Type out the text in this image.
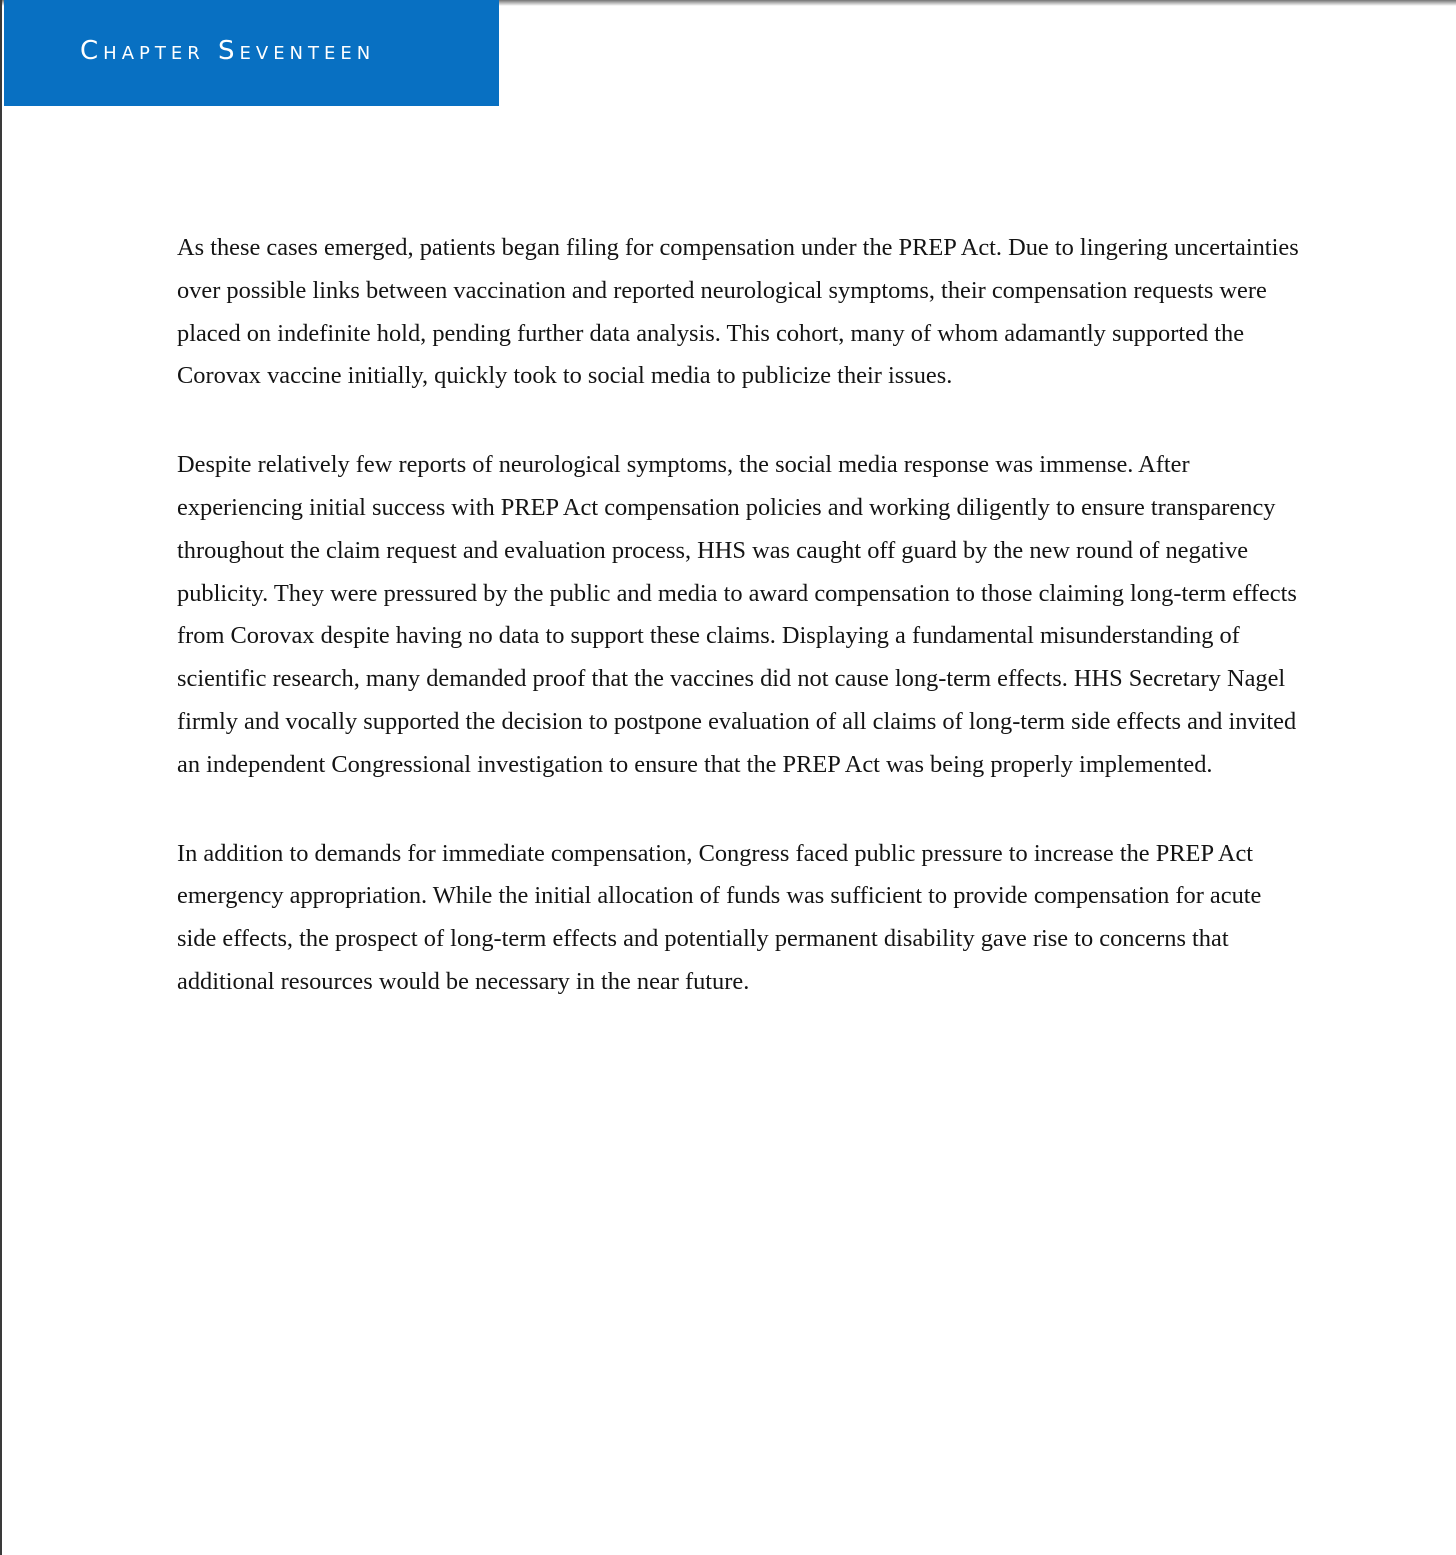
Chapter Seventeen

As these cases emerged, patients began filing for compensation under the PREP Act. Due to lingering uncertainties over possible links between vaccination and reported neurological symptoms, their compensation requests were placed on indefinite hold, pending further data analysis. This cohort, many of whom adamantly supported the Corovax vaccine initially, quickly took to social media to publicize their issues.

Despite relatively few reports of neurological symptoms, the social media response was immense. After experiencing initial success with PREP Act compensation policies and working diligently to ensure transparency throughout the claim request and evaluation process, HHS was caught off guard by the new round of negative publicity. They were pressured by the public and media to award compensation to those claiming long-term effects from Corovax despite having no data to support these claims. Displaying a fundamental misunderstanding of scientific research, many demanded proof that the vaccines did not cause long-term effects. HHS Secretary Nagel firmly and vocally supported the decision to postpone evaluation of all claims of long-term side effects and invited an independent Congressional investigation to ensure that the PREP Act was being properly implemented.

In addition to demands for immediate compensation, Congress faced public pressure to increase the PREP Act emergency appropriation. While the initial allocation of funds was sufficient to provide compensation for acute side effects, the prospect of long-term effects and potentially permanent disability gave rise to concerns that additional resources would be necessary in the near future.
